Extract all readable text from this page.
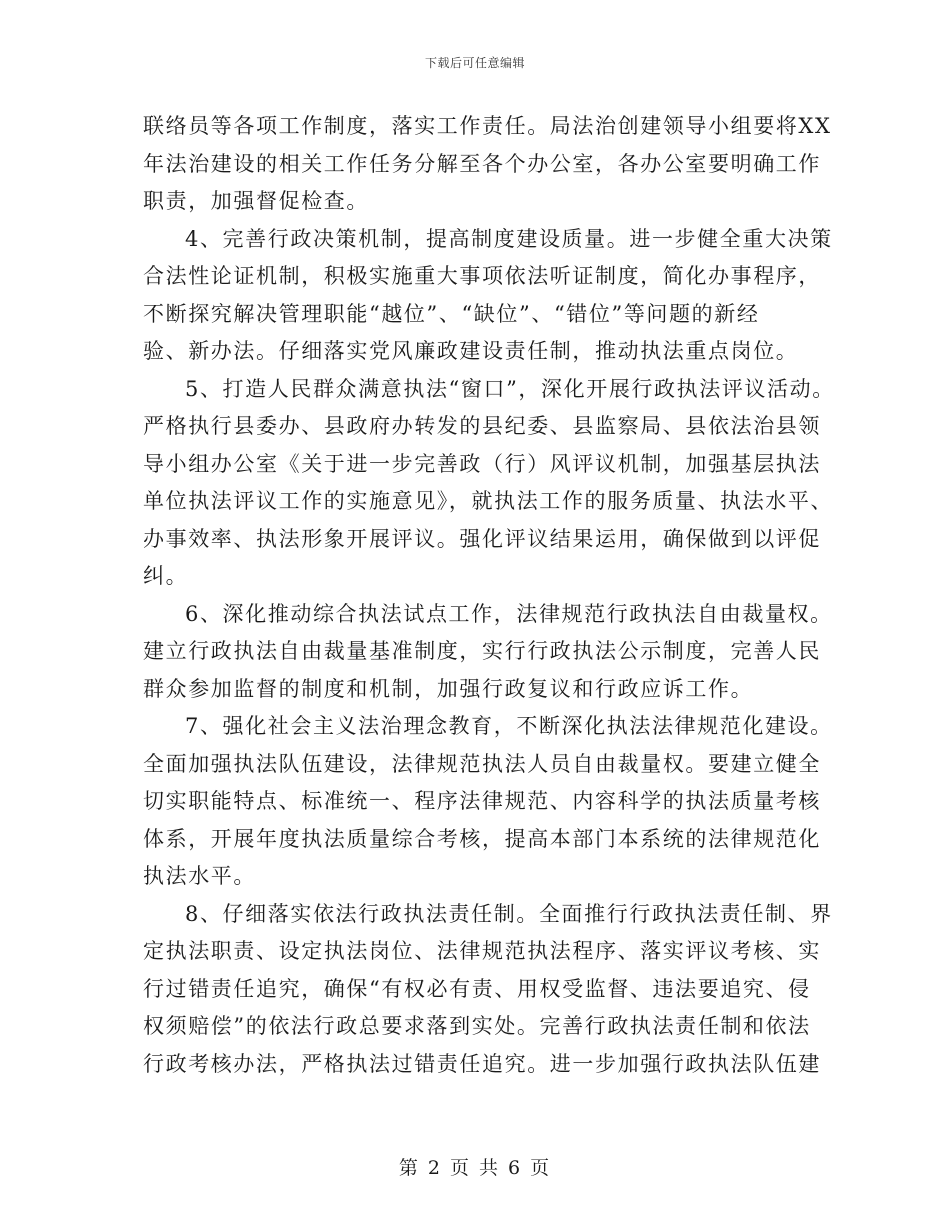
下载后可任意编辑
联络员等各项工作制度，落实工作责任。局法治创建领导小组要将XX
年法治建设的相关工作任务分解至各个办公室，各办公室要明确工作
职责，加强督促检查。
4、完善行政决策机制，提高制度建设质量。进一步健全重大决策
合法性论证机制，积极实施重大事项依法听证制度，简化办事程序，
不断探究解决管理职能“越位”、“缺位”、“错位”等问题的新经
验、新办法。仔细落实党风廉政建设责任制，推动执法重点岗位。
5、打造人民群众满意执法“窗口”，深化开展行政执法评议活动。
严格执行县委办、县政府办转发的县纪委、县监察局、县依法治县领
导小组办公室《关于进一步完善政（行）风评议机制，加强基层执法
单位执法评议工作的实施意见》，就执法工作的服务质量、执法水平、
办事效率、执法形象开展评议。强化评议结果运用，确保做到以评促
纠。
6、深化推动综合执法试点工作，法律规范行政执法自由裁量权。
建立行政执法自由裁量基准制度，实行行政执法公示制度，完善人民
群众参加监督的制度和机制，加强行政复议和行政应诉工作。
7、强化社会主义法治理念教育，不断深化执法法律规范化建设。
全面加强执法队伍建设，法律规范执法人员自由裁量权。要建立健全
切实职能特点、标准统一、程序法律规范、内容科学的执法质量考核
体系，开展年度执法质量综合考核，提高本部门本系统的法律规范化
执法水平。
8、仔细落实依法行政执法责任制。全面推行行政执法责任制、界
定执法职责、设定执法岗位、法律规范执法程序、落实评议考核、实
行过错责任追究，确保“有权必有责、用权受监督、违法要追究、侵
权须赔偿”的依法行政总要求落到实处。完善行政执法责任制和依法
行政考核办法，严格执法过错责任追究。进一步加强行政执法队伍建
第 2 页 共 6 页
